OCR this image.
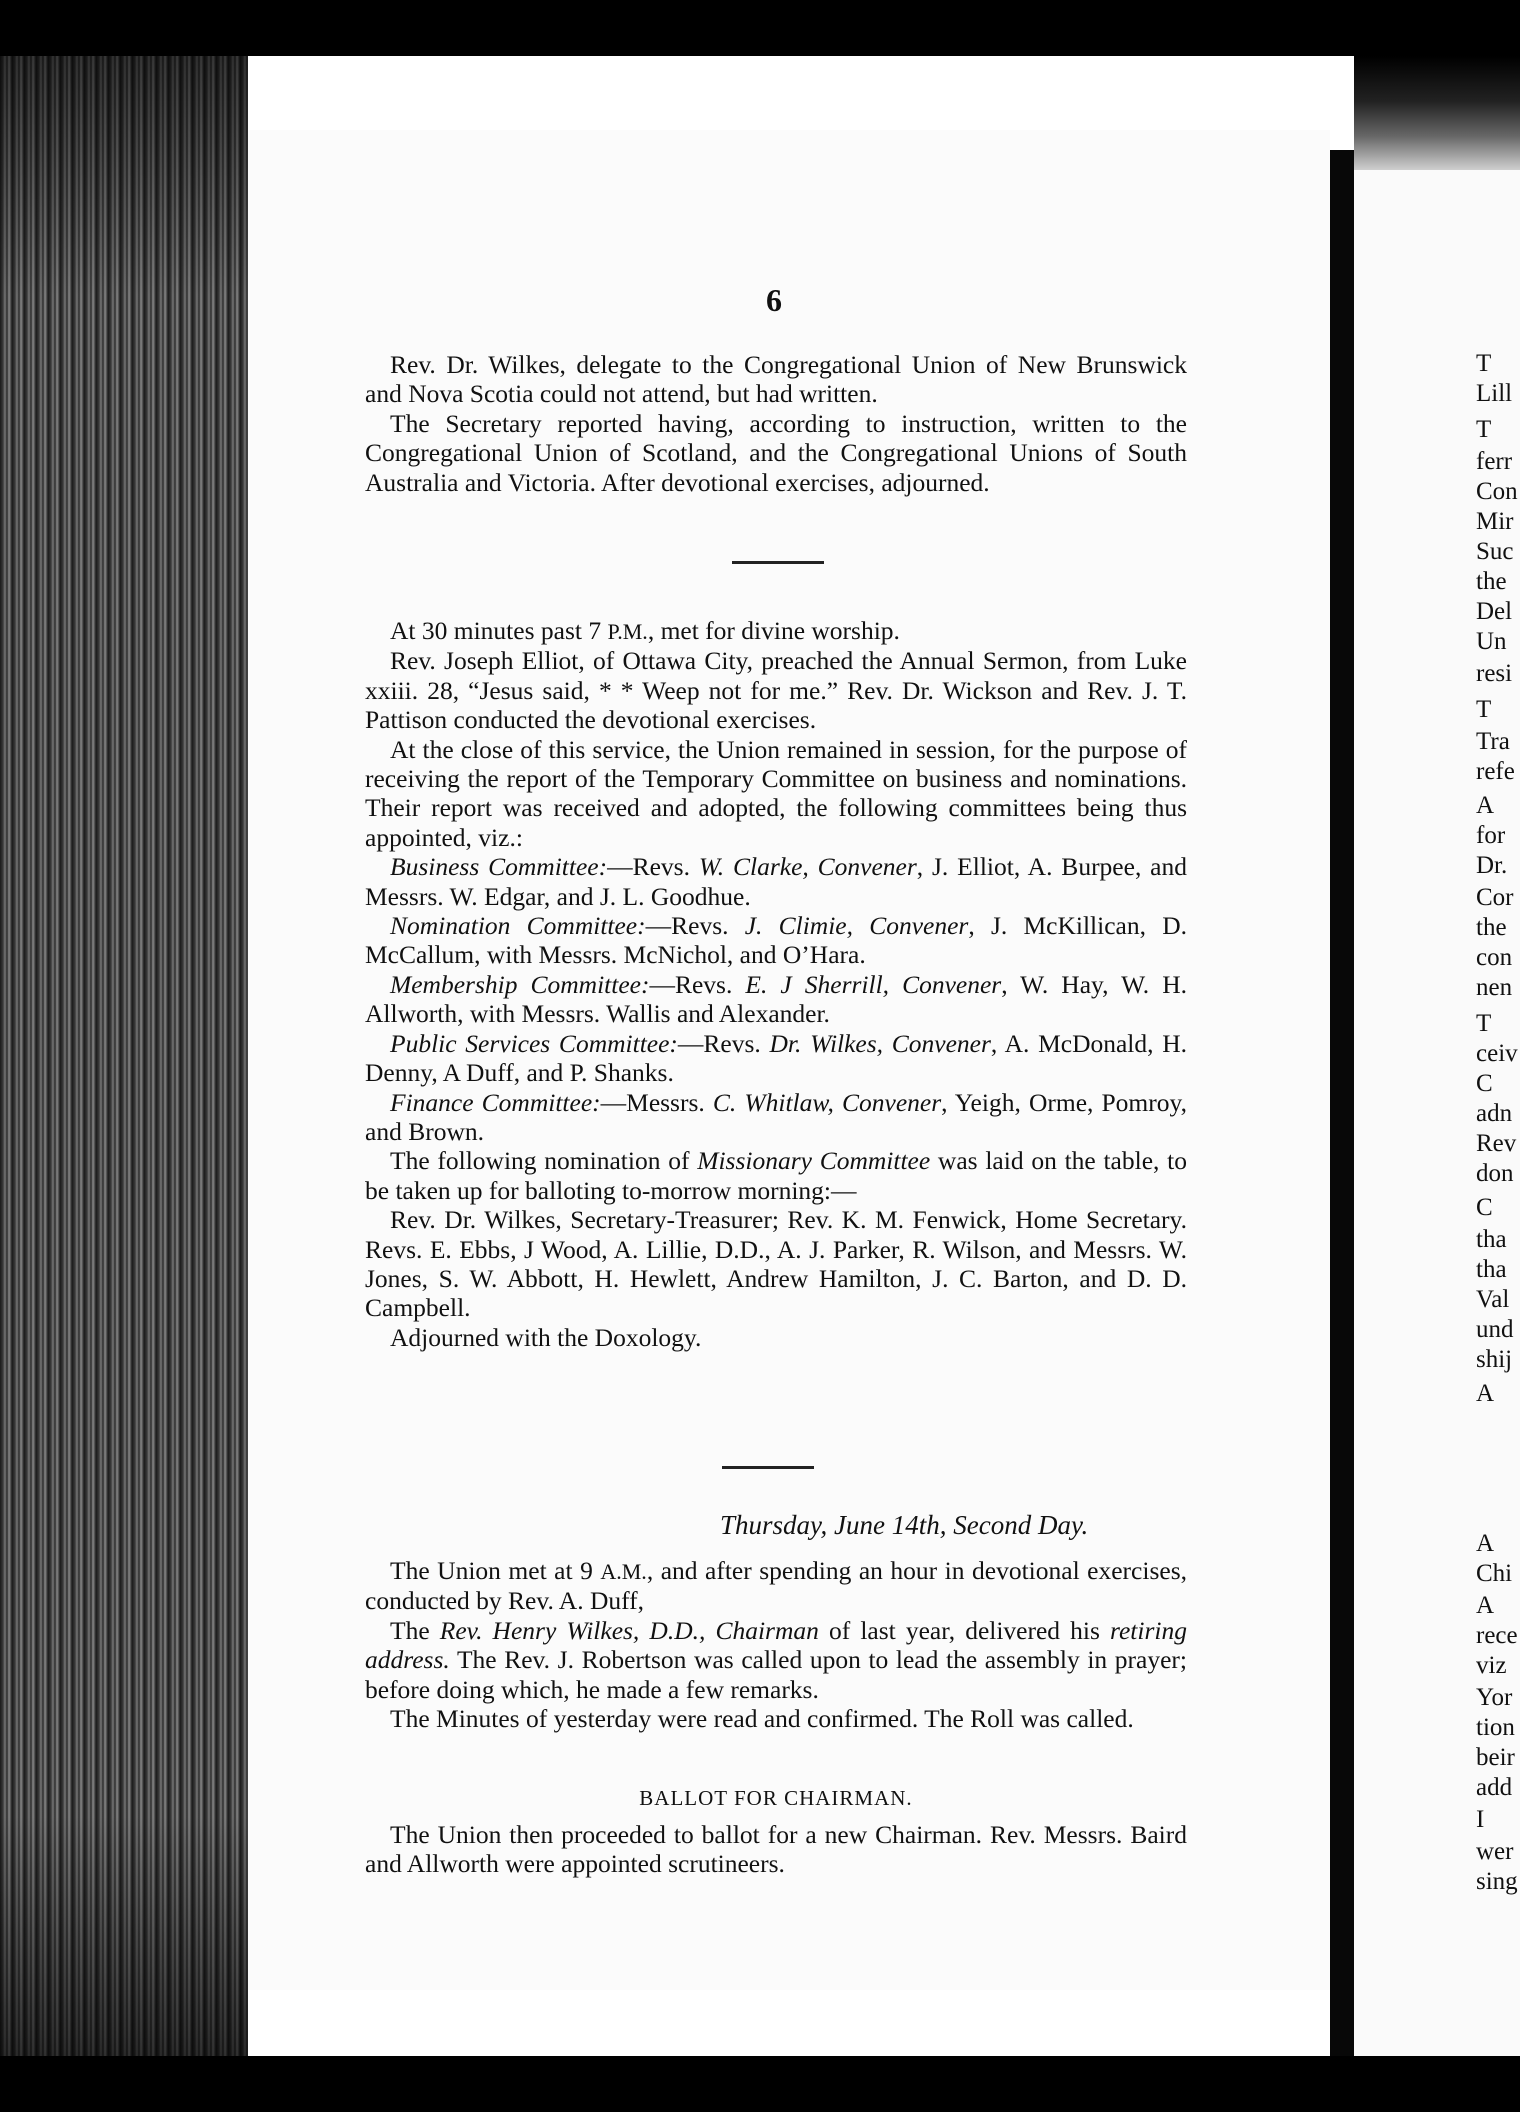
6

Rev. Dr. Wilkes, delegate to the Congregational Union of New Brunswick and Nova Scotia could not attend, but had written.

The Secretary reported having, according to instruction, written to the Congregational Union of Scotland, and the Congregational Unions of South Australia and Victoria. After devotional exercises, adjourned.

At 30 minutes past 7 P.M., met for divine worship.

Rev. Joseph Elliot, of Ottawa City, preached the Annual Sermon, from Luke xxiii. 28, “Jesus said, * * Weep not for me.” Rev. Dr. Wickson and Rev. J. T. Pattison conducted the devotional exercises.

At the close of this service, the Union remained in session, for the purpose of receiving the report of the Temporary Committee on business and nominations. Their report was received and adopted, the following committees being thus appointed, viz.:

Business Committee:—Revs. W. Clarke, Convener, J. Elliot, A. Burpee, and Messrs. W. Edgar, and J. L. Goodhue.

Nomination Committee:—Revs. J. Climie, Convener, J. McKillican, D. McCallum, with Messrs. McNichol, and O’Hara.

Membership Committee:—Revs. E. J Sherrill, Convener, W. Hay, W. H. Allworth, with Messrs. Wallis and Alexander.

Public Services Committee:—Revs. Dr. Wilkes, Convener, A. McDonald, H. Denny, A Duff, and P. Shanks.

Finance Committee:—Messrs. C. Whitlaw, Convener, Yeigh, Orme, Pomroy, and Brown.

The following nomination of Missionary Committee was laid on the table, to be taken up for balloting to-morrow morning:—

Rev. Dr. Wilkes, Secretary-Treasurer; Rev. K. M. Fenwick, Home Secretary. Revs. E. Ebbs, J Wood, A. Lillie, D.D., A. J. Parker, R. Wilson, and Messrs. W. Jones, S. W. Abbott, H. Hewlett, Andrew Hamilton, J. C. Barton, and D. D. Campbell.

Adjourned with the Doxology.

Thursday, June 14th, Second Day.

The Union met at 9 A.M., and after spending an hour in devotional exercises, conducted by Rev. A. Duff,

The Rev. Henry Wilkes, D.D., Chairman of last year, delivered his retiring address. The Rev. J. Robertson was called upon to lead the assembly in prayer; before doing which, he made a few remarks.

The Minutes of yesterday were read and confirmed. The Roll was called.

BALLOT FOR CHAIRMAN.

The Union then proceeded to ballot for a new Chairman. Rev. Messrs. Baird and Allworth were appointed scrutineers.

T
Lill
T
ferr
Con
Mir
Suc
the
Del
Un
resi
T
Tra
refe
A
for
Dr.
Cor
the
con
nen
T
ceiv
C
adn
Rev
don
C
tha
tha
Val
und
shij
A
A
Chi
A
rece
viz
Yor
tion
beir
add
I
wer
sing
